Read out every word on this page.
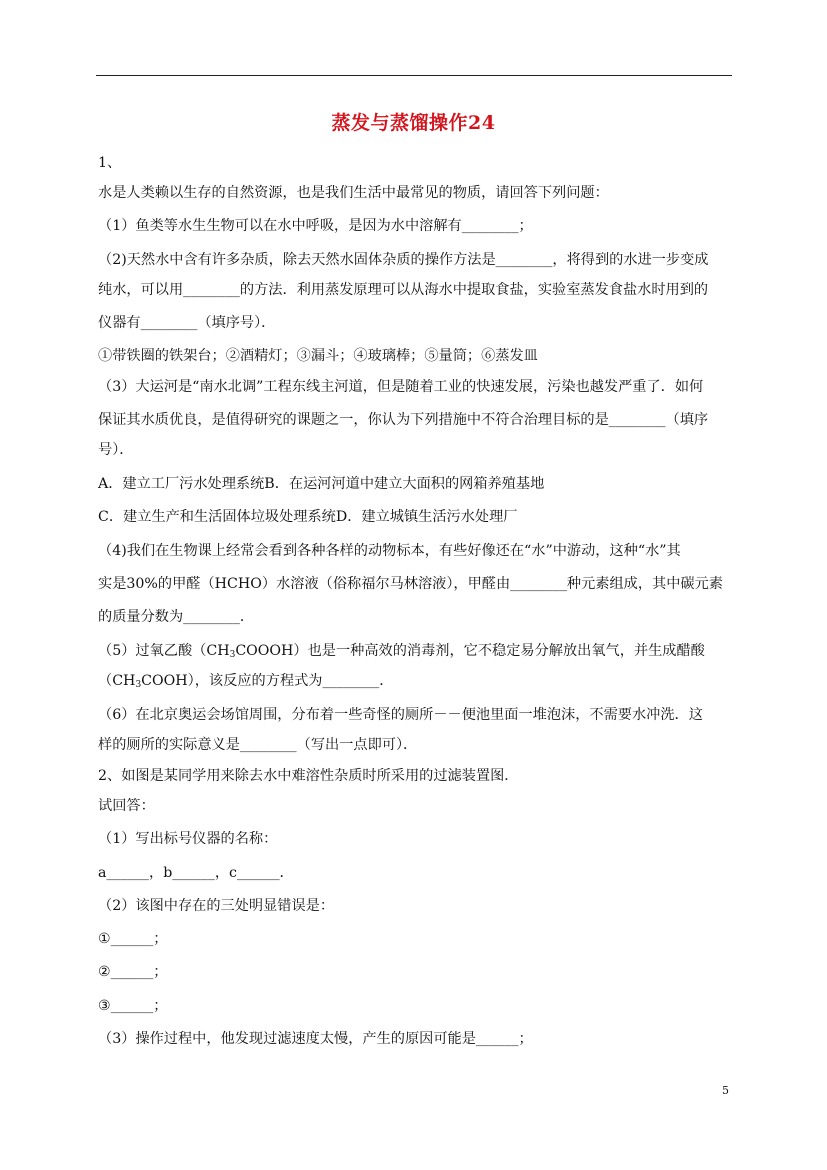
蒸发与蒸馏操作24
1、
水是人类赖以生存的自然资源，也是我们生活中最常见的物质，请回答下列问题：
（1）鱼类等水生生物可以在水中呼吸，是因为水中溶解有________；
（2)天然水中含有许多杂质，除去天然水固体杂质的操作方法是________，将得到的水进一步变成
纯水，可以用________的方法．利用蒸发原理可以从海水中提取食盐，实验室蒸发食盐水时用到的
仪器有________（填序号）．
①带铁圈的铁架台；②酒精灯；③漏斗；④玻璃棒；⑤量筒；⑥蒸发皿
（3）大运河是“南水北调”工程东线主河道，但是随着工业的快速发展，污染也越发严重了．如何
保证其水质优良，是值得研究的课题之一，你认为下列措施中不符合治理目标的是________（填序
号）．
A．建立工厂污水处理系统B．在运河河道中建立大面积的网箱养殖基地
C．建立生产和生活固体垃圾处理系统D．建立城镇生活污水处理厂
（4)我们在生物课上经常会看到各种各样的动物标本，有些好像还在“水”中游动，这种“水”其
实是30%的甲醛（HCHO）水溶液（俗称福尔马林溶液），甲醛由________种元素组成，其中碳元素
的质量分数为________．
（5）过氧乙酸$(CH_3COOOH)$也是一种高效的消毒剂，它不稳定易分解放出氧气，并生成醋酸
$(CH_3COOH)$，该反应的方程式为________．
（6）在北京奥运会场馆周围，分布着一些奇怪的厕所－－便池里面一堆泡沫，不需要水冲洗．这
样的厕所的实际意义是________（写出一点即可）．
2、如图是某同学用来除去水中难溶性杂质时所采用的过滤装置图．
试回答：
（1）写出标号仪器的名称：
a______，b______，c______．
（2）该图中存在的三处明显错误是：
①______；
②______；
③______；
（3）操作过程中，他发现过滤速度太慢，产生的原因可能是______；
5
